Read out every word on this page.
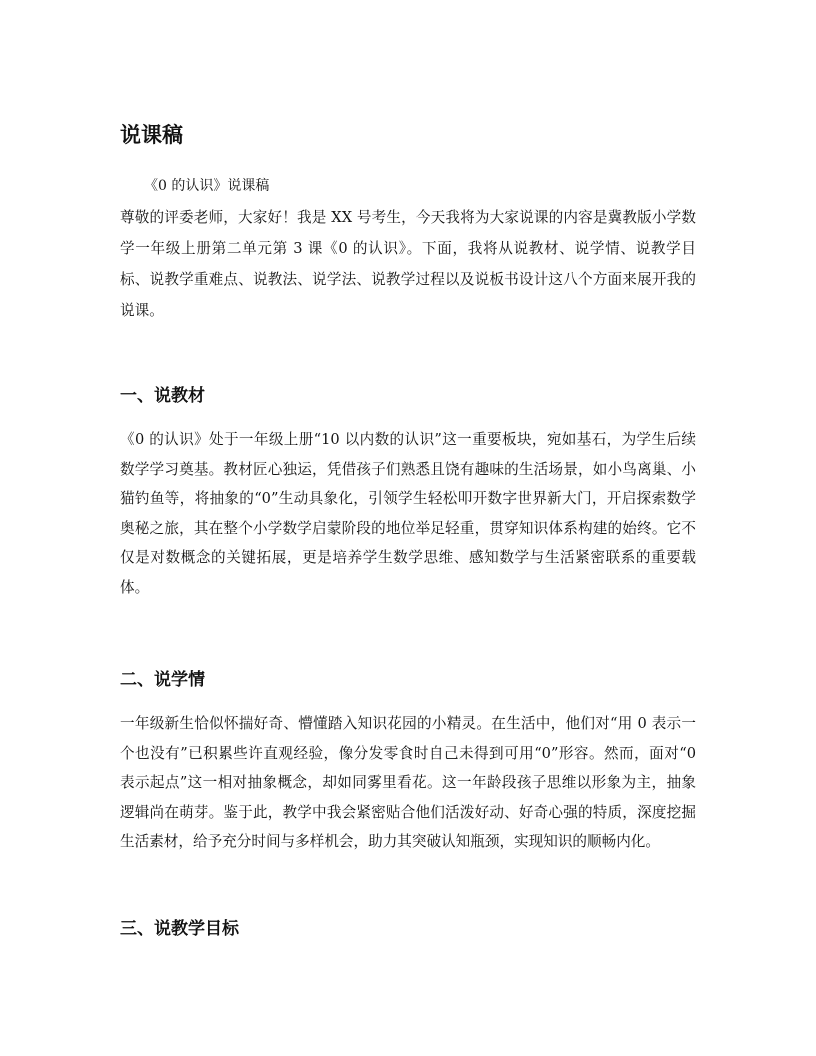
说课稿

《0 的认识》说课稿

尊敬的评委老师，大家好！我是 XX 号考生，今天我将为大家说课的内容是冀教版小学数学一年级上册第二单元第 3 课《0 的认识》。下面，我将从说教材、说学情、说教学目标、说教学重难点、说教法、说学法、说教学过程以及说板书设计这八个方面来展开我的说课。

一、说教材

《0 的认识》处于一年级上册“10 以内数的认识”这一重要板块，宛如基石，为学生后续数学学习奠基。教材匠心独运，凭借孩子们熟悉且饶有趣味的生活场景，如小鸟离巢、小猫钓鱼等，将抽象的“0”生动具象化，引领学生轻松叩开数字世界新大门，开启探索数学奥秘之旅，其在整个小学数学启蒙阶段的地位举足轻重，贯穿知识体系构建的始终。它不仅是对数概念的关键拓展，更是培养学生数学思维、感知数学与生活紧密联系的重要载体。

二、说学情

一年级新生恰似怀揣好奇、懵懂踏入知识花园的小精灵。在生活中，他们对“用 0 表示一个也没有”已积累些许直观经验，像分发零食时自己未得到可用“0”形容。然而，面对“0 表示起点”这一相对抽象概念，却如同雾里看花。这一年龄段孩子思维以形象为主，抽象逻辑尚在萌芽。鉴于此，教学中我会紧密贴合他们活泼好动、好奇心强的特质，深度挖掘生活素材，给予充分时间与多样机会，助力其突破认知瓶颈，实现知识的顺畅内化。

三、说教学目标
